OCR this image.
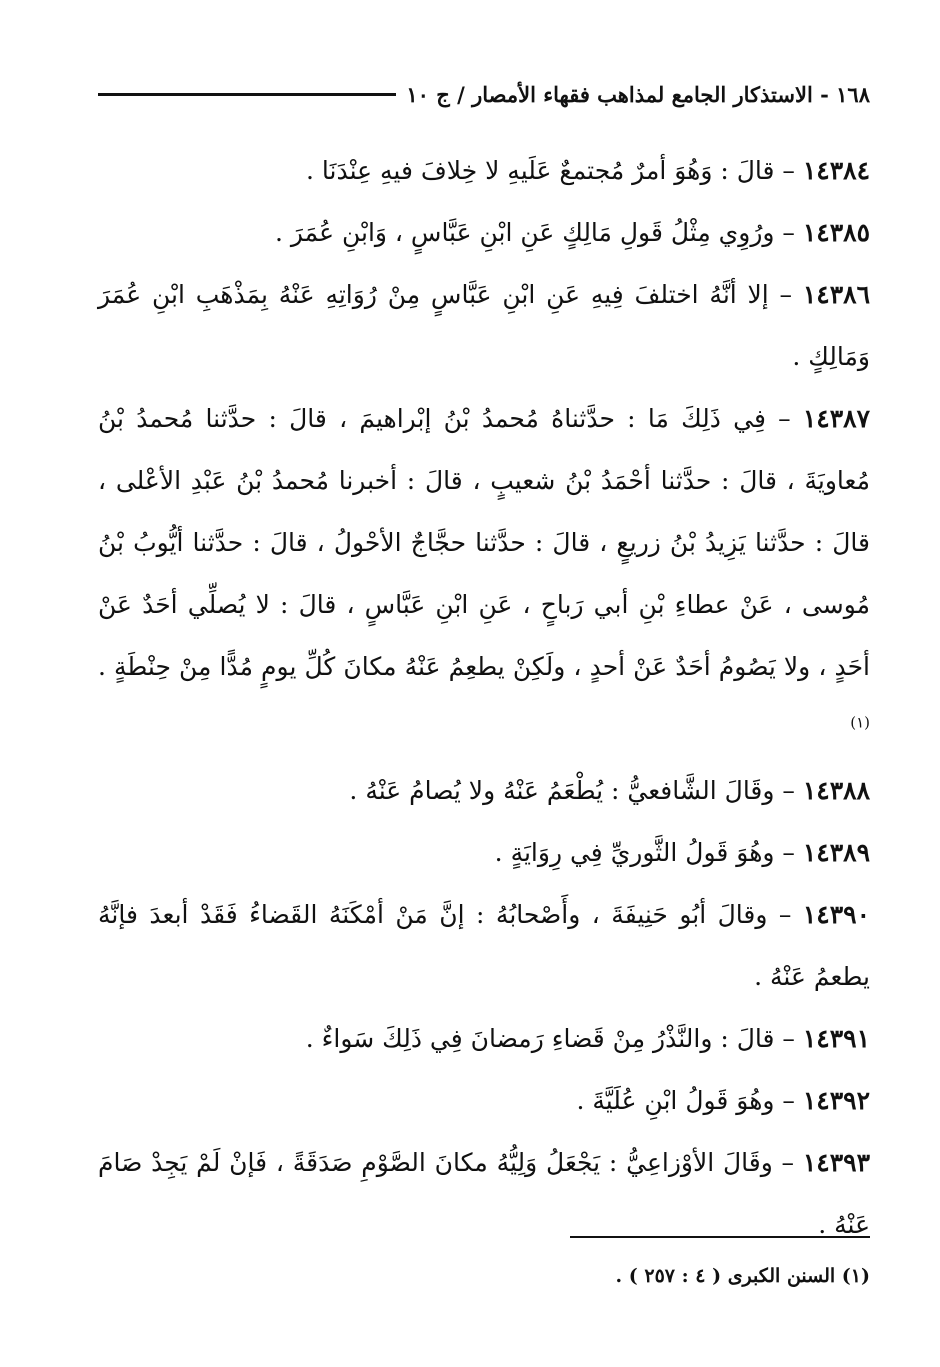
١٦٨ - الاستذكار الجامع لمذاهب فقهاء الأمصار / ج ١٠

١٤٣٨٤ – قالَ : وَهُوَ أمرٌ مُجتمعٌ عَلَيهِ لا خِلافَ فيهِ عِنْدَنَا .

١٤٣٨٥ – ورُوِي مِثْلُ قَولِ مَالِكٍ عَنِ ابْنِ عَبَّاسٍ ، وَابْنِ عُمَرَ .

١٤٣٨٦ – إلا أنَّهُ اختلفَ فِيهِ عَنِ ابْنِ عَبَّاسٍ مِنْ رُوَاتِهِ عَنْهُ بِمَذْهَبِ ابْنِ عُمَرَ وَمَالِكٍ .

١٤٣٨٧ – فِي ذَلِكَ مَا : حدَّثناهُ مُحمدُ بْنُ إبْراهيمَ ، قالَ : حدَّثنا مُحمدُ بْنُ مُعاويَةَ ، قالَ : حدَّثنا أحْمَدُ بْنُ شعيبٍ ، قالَ : أخبرنا مُحمدُ بْنُ عَبْدِ الأعْلى ، قالَ : حدَّثنا يَزِيدُ بْنُ زريعٍ ، قالَ : حدَّثنا حجَّاجٌ الأحْولُ ، قالَ : حدَّثنا أيُّوبُ بْنُ مُوسى ، عَنْ عطاءِ بْنِ أبي رَباحٍ ، عَنِ ابْنِ عَبَّاسٍ ، قالَ : لا يُصلِّي أحَدٌ عَنْ أحَدٍ ، ولا يَصُومُ أحَدٌ عَنْ أحدٍ ، ولَكِنْ يطعِمُ عَنْهُ مكانَ كُلِّ يومٍ مُدًّا مِنْ حِنْطَةٍ . $^{(١)}$

١٤٣٨٨ – وقَالَ الشَّافعيُّ : يُطْعَمُ عَنْهُ ولا يُصامُ عَنْهُ .

١٤٣٨٩ – وهُوَ قَولُ الثَّوريِّ فِي رِوَايَةٍ .

١٤٣٩٠ – وقالَ أبُو حَنِيفَةَ ، وأَصْحابُهُ : إنَّ مَنْ أمْكَنَهُ القَضاءُ فَقَدْ أبعدَ فإنَّهُ يطعمُ عَنْهُ .

١٤٣٩١ – قالَ : والنَّذْرُ مِنْ قَضاءِ رَمضانَ فِي ذَلِكَ سَواءٌ .

١٤٣٩٢ – وهُوَ قَولُ ابْنِ عُلَيَّةَ .

١٤٣٩٣ – وقَالَ الأوْزاعِيُّ : يَجْعَلُ وَلِيُّهُ مكانَ الصَّوْمِ صَدَقَةً ، فَإنْ لَمْ يَجِدْ صَامَ عَنْهُ .

(١) السنن الكبرى ( ٤ : ٢٥٧ ) .
